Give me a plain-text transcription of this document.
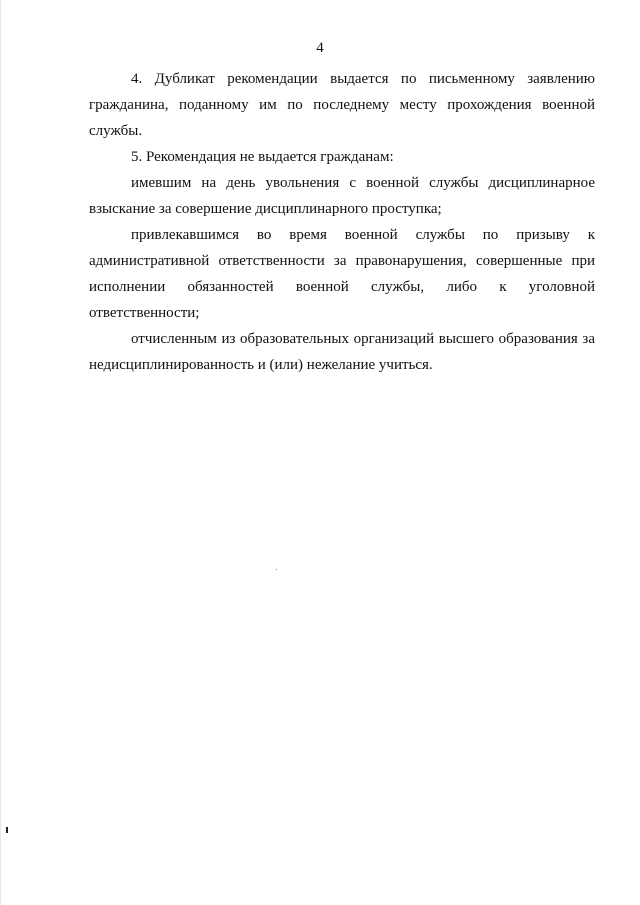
4

4. Дубликат рекомендации выдается по письменному заявлению гражданина, поданному им по последнему месту прохождения военной службы.

5. Рекомендация не выдается гражданам:

имевшим на день увольнения с военной службы дисциплинарное взыскание за совершение дисциплинарного проступка;

привлекавшимся во время военной службы по призыву к административной ответственности за правонарушения, совершенные при исполнении обязанностей военной службы, либо к уголовной ответственности;

отчисленным из образовательных организаций высшего образования за недисциплинированность и (или) нежелание учиться.
